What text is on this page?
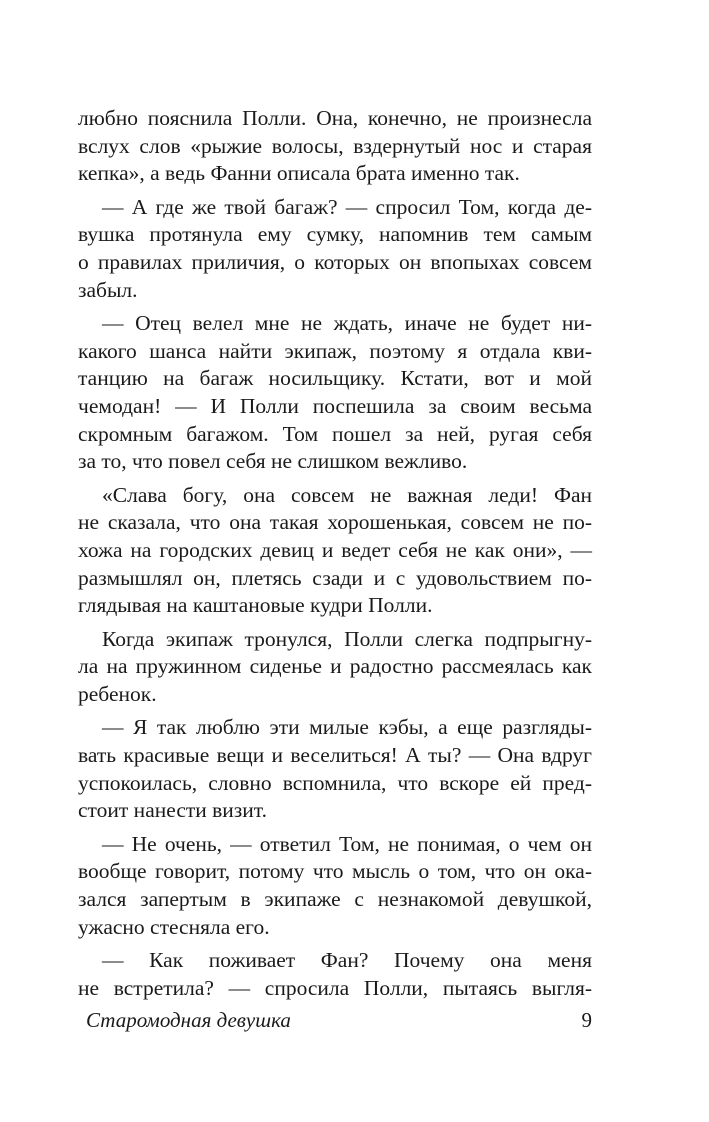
любно пояснила Полли. Она, конечно, не произнесла
вслух слов «рыжие волосы, вздернутый нос и старая
кепка», а ведь Фанни описала брата именно так.
— А где же твой багаж? — спросил Том, когда де-
вушка протянула ему сумку, напомнив тем самым
о правилах приличия, о которых он впопыхах совсем
забыл.
— Отец велел мне не ждать, иначе не будет ни-
какого шанса найти экипаж, поэтому я отдала кви-
танцию на багаж носильщику. Кстати, вот и мой
чемодан! — И Полли поспешила за своим весьма
скромным багажом. Том пошел за ней, ругая себя
за то, что повел себя не слишком вежливо.
«Слава богу, она совсем не важная леди! Фан
не сказала, что она такая хорошенькая, совсем не по-
хожа на городских девиц и ведет себя не как они», —
размышлял он, плетясь сзади и с удовольствием по-
глядывая на каштановые кудри Полли.
Когда экипаж тронулся, Полли слегка подпрыгну-
ла на пружинном сиденье и радостно рассмеялась как
ребенок.
— Я так люблю эти милые кэбы, а еще разгляды-
вать красивые вещи и веселиться! А ты? — Она вдруг
успокоилась, словно вспомнила, что вскоре ей пред-
стоит нанести визит.
— Не очень, — ответил Том, не понимая, о чем он
вообще говорит, потому что мысль о том, что он ока-
зался запертым в экипаже с незнакомой девушкой,
ужасно стесняла его.
— Как поживает Фан? Почему она меня
не встретила? — спросила Полли, пытаясь выгля-
Старомодная девушка	9
